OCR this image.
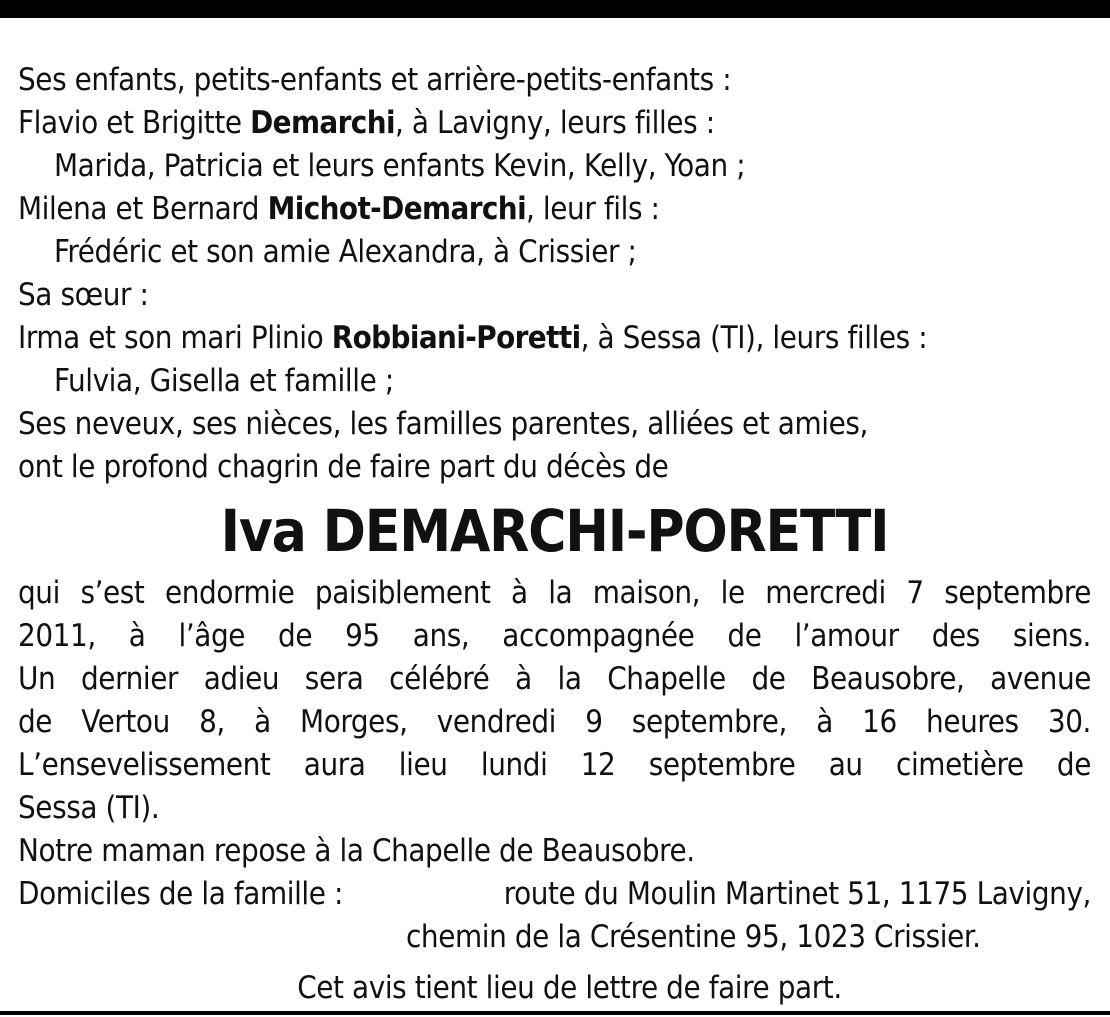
Ses enfants, petits-enfants et arrière-petits-enfants :
Flavio et Brigitte Demarchi, à Lavigny, leurs filles :
Marida, Patricia et leurs enfants Kevin, Kelly, Yoan ;
Milena et Bernard Michot-Demarchi, leur fils :
Frédéric et son amie Alexandra, à Crissier ;
Sa sœur :
Irma et son mari Plinio Robbiani-Poretti, à Sessa (TI), leurs filles :
Fulvia, Gisella et famille ;
Ses neveux, ses nièces, les familles parentes, alliées et amies,
ont le profond chagrin de faire part du décès de
Iva DEMARCHI-PORETTI
qui s’est endormie paisiblement à la maison, le mercredi 7 septembre
2011, à l’âge de 95 ans, accompagnée de l’amour des siens.
Un dernier adieu sera célébré à la Chapelle de Beausobre, avenue
de Vertou 8, à Morges, vendredi 9 septembre, à 16 heures 30.
L’ensevelissement aura lieu lundi 12 septembre au cimetière de
Sessa (TI).
Notre maman repose à la Chapelle de Beausobre.
Domiciles de la famille :	route du Moulin Martinet 51, 1175 Lavigny,
chemin de la Crésentine 95, 1023 Crissier.
Cet avis tient lieu de lettre de faire part.
